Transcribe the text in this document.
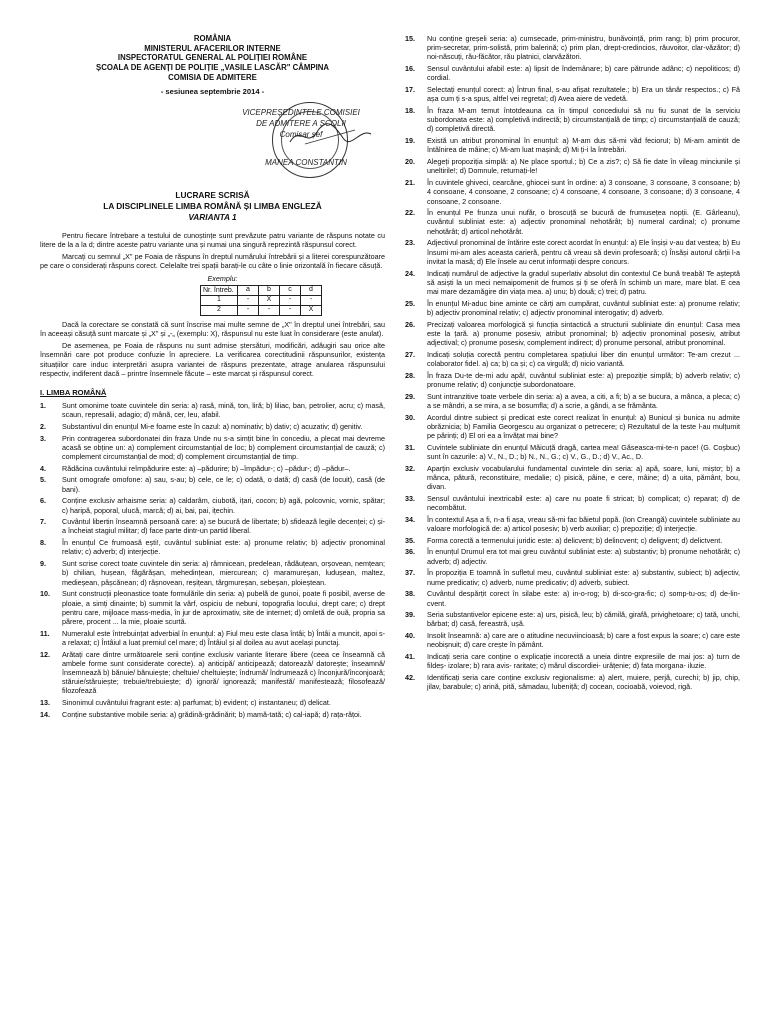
ROMÂNIA
MINISTERUL AFACERILOR INTERNE
INSPECTORATUL GENERAL AL POLIȚIEI ROMÂNE
ȘCOALA DE AGENȚI DE POLIȚIE „VASILE LASCĂR" CÂMPINA
COMISIA DE ADMITERE
- sesiunea septembrie 2014 -
VICEPREȘEDINTELE COMISIEI
DE ADMITERE A ȘCOLII
Comisar șef
MANEA CONSTANTIN
LUCRARE SCRISĂ
LA DISCIPLINELE LIMBA ROMÂNĂ ȘI LIMBA ENGLEZĂ
VARIANTA 1

Pentru fiecare întrebare a testului de cunoștințe sunt prevăzute patru variante de răspuns notate cu litere de la a la d; dintre aceste patru variante una și numai una singură reprezintă răspunsul corect.

Marcați cu semnul „X" pe Foaia de răspuns în dreptul numărului întrebării și a literei corespunzătoare pe care o considerați răspuns corect. Celelalte trei spații barați-le cu câte o linie orizontală în fiecare căsuță.

Exemplu:
Nr. întreb.	a	b	c	d
1	-	X	-	-
2	-	-	-	X

Dacă la corectare se constată că sunt înscrise mai multe semne de „X" în dreptul unei întrebări, sau în aceeași căsuță sunt marcate și „X" și „-„ (exemplu: X), răspunsul nu este luat în considerare (este anulat).

De asemenea, pe Foaia de răspuns nu sunt admise ștersături, modificări, adăugiri sau orice alte însemnări care pot produce confuzie în apreciere. La verificarea corectitudinii răspunsurilor, existența situațiilor care induc interpretări asupra variantei de răspuns prezentate, atrage anularea răspunsului respectiv, indiferent dacă – printre însemnele făcute – este marcat și răspunsul corect.

I. LIMBA ROMÂNĂ
1.	Sunt omonime toate cuvintele din seria: a) rasă, mină, ton, liră; b) liliac, ban, petrolier, acru; c) masă, scaun, represalii, adagio; d) mână, cer, leu, afabil.
2.	Substantivul din enunțul Mi-e foame este în cazul: a) nominativ; b) dativ; c) acuzativ; d) genitiv.
3.	Prin contragerea subordonatei din fraza Unde nu s-a simțit bine în concediu, a plecat mai devreme acasă se obține un: a) complement circumstanțial de loc; b) complement circumstanțial de cauză; c) complement circumstanțial de mod; d) complement circumstanțial de timp.
4.	Rădăcina cuvântului reîmpădurire este: a) –pădurire; b) –împădur-; c) –pădur-; d) –pădur–.
5.	Sunt omografe omofone: a) sau, s-au; b) cele, ce le; c) odată, o dată; d) casă (de locuit), casă (de bani).
6.	Conține exclusiv arhaisme seria: a) caldarâm, ciubotă, ițari, cocon; b) agă, polcovnic, vornic, spătar; c) haripă, poporal, ulucă, marcă; d) ai, bai, pai, ițechin.
7.	Cuvântul libertin înseamnă persoană care: a) se bucură de libertate; b) sfidează legile decenței; c) și-a încheiat stagiul militar; d) face parte dintr-un partid liberal.
8.	În enunțul Ce frumoasă ești!, cuvântul subliniat este: a) pronume relativ; b) adjectiv pronominal relativ; c) adverb; d) interjecție.
9.	Sunt scrise corect toate cuvintele din seria: a) râmnicean, predelean, rădăuțean, orșovean, nemțean; b) chilian, hușean, făgărășan, mehedințean, miercurean; c) maramureșan, ludușean, maltez, medieșean, pâșcănean; d) râșnovean, reșițean, târgmureșan, sebeșan, ploieștean.
10.	Sunt construcții pleonastice toate formulările din seria: a) pubelă de gunoi, poate fi posibil, averse de ploaie, a simți dinainte; b) summit la vârf, ospiciu de nebuni, topografia locului, drept care; c) drept pentru care, mijloace mass-media, în jur de aproximativ, site de internet; d) omletă de ouă, propria sa părere, procent ... la mie, ploaie scurtă.
11.	Numeralul este întrebuințat adverbial în enunțul: a) Fiul meu este clasa întâi; b) Întâi a muncit, apoi s-a relaxat; c) Întâiul a luat premiul cel mare; d) Întâiul și al doilea au avut același punctaj.
12.	Arătați care dintre următoarele serii conține exclusiv variante literare libere (ceea ce înseamnă că ambele forme sunt considerate corecte). a) anticipă/ anticipează; datorează/ datorește; înseamnă/ însemnează b) bănuie/ bănuiește; cheltuie/ cheltuiește; îndrumă/ îndrumează c) înconjură/înconjoară; stăruie/stăruiește; trebuie/trebuiește; d) ignoră/ ignorează; manifestă/ manifestează; filosofează/ filozofează
13.	Sinonimul cuvântului fragrant este: a) parfumat; b) evident; c) instantaneu; d) delicat.
14.	Conține substantive mobile seria: a) grădină-grădinărit; b) mamă-tată; c) cal-iapă; d) rața-rățoi.
15.	Nu conține greșeli seria: a) cumsecade, prim-ministru, bunăvoință, prim rang; b) prim procuror, prim-secretar, prim-solistă, prim balerină; c) prim plan, drept-credincios, răuvoitor, clar-văzător; d) noi-născuți, rău-făcător, rău platnici, clarvăzători.
16.	Sensul cuvântului afabil este: a) lipsit de îndemânare; b) care pătrunde adânc; c) nepoliticos; d) cordial.
17.	Selectați enunțul corect: a) Întrun final, s-au afișat rezultatele.; b) Era un tânăr respectos.; c) Fă așa cum ți s-a spus, altfel vei regreta!; d) Avea aiere de vedetă.
18.	În fraza M-am temut întotdeauna ca în timpul concediului să nu fiu sunat de la serviciu subordonata este: a) completivă indirectă; b) circumstanțială de timp; c) circumstanțială de cauză; d) completivă directă.
19.	Există un atribut pronominal în enunțul: a) M-am dus să-mi văd fecioruI; b) Mi-am amintit de întâlnirea de mâine; c) Mi-am luat mașină; d) Mi ți-i la întrebări.
20.	Alegeți propoziția simplă: a) Ne place sportul.; b) Ce a zis?; c) Să fie date în vileag minciunile și uneltirile!; d) Domnule, returnați-le!
21.	În cuvintele ghiveci, cearcăne, ghiocei sunt în ordine: a) 3 consoane, 3 consoane, 3 consoane; b) 4 consoane, 4 consoane, 2 consoane; c) 4 consoane, 4 consoane, 3 consoane; d) 3 consoane, 4 consoane, 2 consoane.
22.	În enunțul Pe frunza unui nufăr, o broscuță se bucură de frumusețea nopții. (E. Gârleanu), cuvântul subliniat este: a) adjectiv pronominal nehotărât; b) numeral cardinal; c) pronume nehotărât; d) articol nehotărât.
23.	Adjectivul pronominal de întărire este corect acordat în enunțul: a) Ele înșiși v-au dat vestea; b) Eu însumi mi-am ales aceasta carieră, pentru că vreau să devin profesoară; c) Însăși autorul cărții l-a invitat la masă; d) Ele însele au cerut informații despre concurs.
24.	Indicați numărul de adjective la gradul superlativ absolut din contextul Ce bună treabă! Te așteptă să asiști la un meci nemaipomenit de frumos și ți se oferă în schimb un mare, mare blat. E cea mai mare dezamăgire din viața mea. a) unu; b) două; c) trei; d) patru.
25.	În enunțul Mi-aduc bine aminte ce cărți am cumpărat, cuvântul subliniat este: a) pronume relativ; b) adjectiv pronominal relativ; c) adjectiv pronominal interogativ; d) adverb.
26.	Precizați valoarea morfologică și funcția sintactică a structurii subliniate din enunțul: Casa mea este la țară. a) pronume posesiv, atribut pronominal; b) adjectiv pronominal posesiv, atribut adjectival; c) pronume posesiv, complement indirect; d) pronume personal, atribut pronominal.
27.	Indicați soluția corectă pentru completarea spațiului liber din enunțul următor: Te-am crezut ... colaborator fidel. a) ca; b) ca și; c) ca virgulă; d) nicio variantă.
28.	În fraza Du-te de-mi adu apă!, cuvântul subliniat este: a) prepoziție simplă; b) adverb relativ; c) pronume relativ; d) conjuncție subordonatoare.
29.	Sunt intranzitive toate verbele din seria: a) a avea, a citi, a fi; b) a se bucura, a mânca, a pleca; c) a se mândri, a se mira, a se bosumfla; d) a scrie, a gândi, a se frământa.
30.	Acordul dintre subiect și predicat este corect realizat în enunțul: a) Bunicul și bunica nu admite obrăznicia; b) Familia Georgescu au organizat o petrecere; c) Rezultatul de la teste l-au mulțumit pe părinți; d) El ori ea a învățat mai bine?
31.	Cuvintele subliniate din enunțul Măicuță dragă, cartea mea! Găseasca-mi-te-n pace! (G. Coșbuc) sunt în cazurile: a) V., N., D.; b) N., N., G.; c) V., G., D.; d) V., Ac., D.
32.	Aparțin exclusiv vocabularului fundamental cuvintele din seria: a) apă, soare, luni, miștơ; b) a mânca, pătură, reconstituire, medalie; c) pisică, pâine, e cere, mâine; d) a uita, pământ, bou, divan.
33.	Sensul cuvântului inextricabil este: a) care nu poate fi stricat; b) complicat; c) reparat; d) de necombătut.
34.	În contextul Așa a fi, n-a fi așa, vreau să-mi fac băietul popă. (Ion Creangă) cuvintele subliniate au valoare morfologică de: a) articol posesiv; b) verb auxiliar; c) prepoziție; d) interjecție.
35.	Forma corectă a termenului juridic este: a) delicvent; b) delincvent; c) deligvent; d) delictvent.
36.	În enunțul Drumul era tot mai greu cuvântul subliniat este: a) substantiv; b) pronume nehotărât; c) adverb; d) adjectiv.
37.	În propoziția E toamnă în sufletul meu, cuvântul subliniat este: a) substantiv, subiect; b) adjectiv, nume predicativ; c) adverb, nume predicativ; d) adverb, subiect.
38.	Cuvântul despărțit corect în silabe este: a) in-o-rog; b) di-sco-gra-fic; c) somp-tu-os; d) de-lin-cvent.
39.	Seria substantivelor epicene este: a) urs, pisică, leu; b) cămilă, girafă, privighetoare; c) tată, unchi, bărbat; d) casă, fereastră, ușă.
40.	Insolit înseamnă: a) care are o atitudine necuviincioasă; b) care a fost expus la soare; c) care este neobișnuit; d) care crește în pământ.
41.	Indicați seria care conține o explicație incorectă a uneia dintre expresiile de mai jos: a) turn de fildeș- izolare; b) rara avis- raritate; c) mărul discordiei- urâțenie; d) fata morgana- iluzie.
42.	Identificați seria care conține exclusiv regionalisme: a) alert, muiere, perjă, curechi; b) jip, chip, jilav, barabule; c) arină, pită, sămadau, lubeniță; d) cocean, cocioabă, voievod, rigă.
